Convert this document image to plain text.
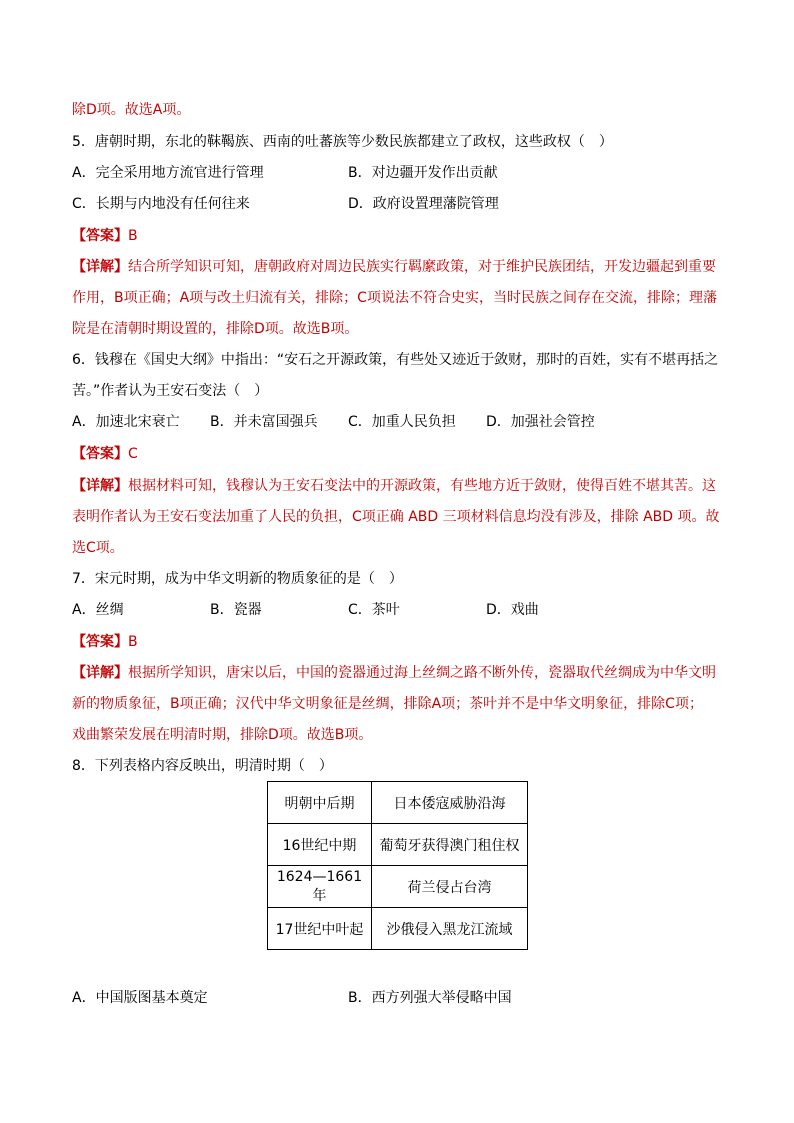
除D项。故选A项。
5．唐朝时期，东北的靺鞨族、西南的吐蕃族等少数民族都建立了政权，这些政权（　）
A．完全采用地方流官进行管理	B．对边疆开发作出贡献
C．长期与内地没有任何往来	D．政府设置理藩院管理
【答案】B
【详解】结合所学知识可知，唐朝政府对周边民族实行羁縻政策，对于维护民族团结，开发边疆起到重要
作用，B项正确；A项与改土归流有关，排除；C项说法不符合史实，当时民族之间存在交流，排除；理藩
院是在清朝时期设置的，排除D项。故选B项。
6．钱穆在《国史大纲》中指出：“安石之开源政策，有些处又迹近于敛财，那时的百姓，实有不堪再括之
苦。”作者认为王安石变法（　）
A．加速北宋衰亡 B．并未富国强兵 C．加重人民负担 D．加强社会管控
【答案】C
【详解】根据材料可知，钱穆认为王安石变法中的开源政策，有些地方近于敛财，使得百姓不堪其苦。这
表明作者认为王安石变法加重了人民的负担，C项正确 ABD 三项材料信息均没有涉及，排除 ABD 项。故
选C项。
7．宋元时期，成为中华文明新的物质象征的是（　）
A．丝绸	B．瓷器	C．茶叶	D．戏曲
【答案】B
【详解】根据所学知识，唐宋以后，中国的瓷器通过海上丝绸之路不断外传，瓷器取代丝绸成为中华文明
新的物质象征，B项正确；汉代中华文明象征是丝绸，排除A项；茶叶并不是中华文明象征，排除C项；
戏曲繁荣发展在明清时期，排除D项。故选B项。
8．下列表格内容反映出，明清时期（　）
明朝中后期	日本倭寇威胁沿海
16世纪中期	葡萄牙获得澳门租住权
1624—1661年	荷兰侵占台湾
17世纪中叶起	沙俄侵入黑龙江流域
A．中国版图基本奠定	B．西方列强大举侵略中国
